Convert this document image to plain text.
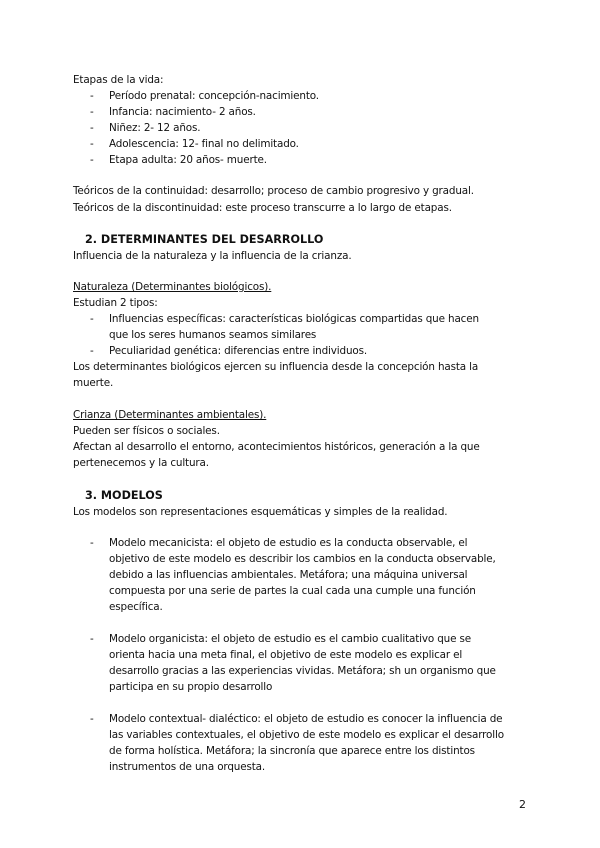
Etapas de la vida:

- Período prenatal: concepción-nacimiento.

- Infancia: nacimiento- 2 años.

- Niñez: 2- 12 años.

- Adolescencia: 12- final no delimitado.

- Etapa adulta: 20 años- muerte.

Teóricos de la continuidad: desarrollo; proceso de cambio progresivo y gradual.

Teóricos de la discontinuidad: este proceso transcurre a lo largo de etapas.

2. DETERMINANTES DEL DESARROLLO

Influencia de la naturaleza y la influencia de la crianza.

Naturaleza (Determinantes biológicos).

Estudian 2 tipos:

- Influencias específicas: características biológicas compartidas que hacen

que los seres humanos seamos similares

- Peculiaridad genética: diferencias entre individuos.

Los determinantes biológicos ejercen su influencia desde la concepción hasta la

muerte.

Crianza (Determinantes ambientales).

Pueden ser físicos o sociales.

Afectan al desarrollo el entorno, acontecimientos históricos, generación a la que

pertenecemos y la cultura.

3. MODELOS

Los modelos son representaciones esquemáticas y simples de la realidad.

- Modelo mecanicista: el objeto de estudio es la conducta observable, el

objetivo de este modelo es describir los cambios en la conducta observable,

debido a las influencias ambientales. Metáfora; una máquina universal

compuesta por una serie de partes la cual cada una cumple una función

específica.

- Modelo organicista: el objeto de estudio es el cambio cualitativo que se

orienta hacia una meta final, el objetivo de este modelo es explicar el

desarrollo gracias a las experiencias vividas. Metáfora; sh un organismo que

participa en su propio desarrollo

- Modelo contextual- dialéctico: el objeto de estudio es conocer la influencia de

las variables contextuales, el objetivo de este modelo es explicar el desarrollo

de forma holística. Metáfora; la sincronía que aparece entre los distintos

instrumentos de una orquesta.

2
